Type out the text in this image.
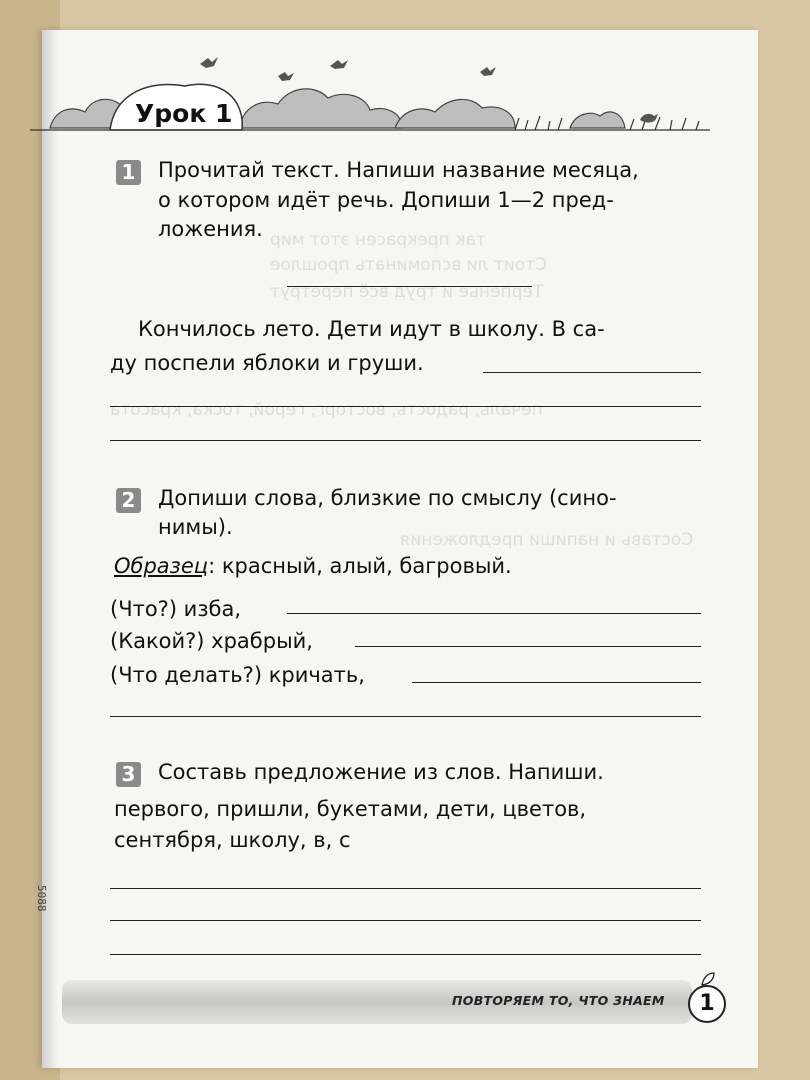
Урок 1
так прекрасен этот мир
Стоит ли вспоминать прошлое
Терпенье и труд всё перетрут
печаль, радость, восторг, герой, тоска, красота
Составь и напиши предложения
1 Прочитай текст. Напиши название месяца,
о котором идёт речь. Допиши 1—2 пред-
ложения.
Кончилось лето. Дети идут в школу. В са-
ду поспели яблоки и груши.
2 Допиши слова, близкие по смыслу (сино-
нимы).
Образец: красный, алый, багровый.
(Что?) изба,
(Какой?) храбрый,
(Что делать?) кричать,
3 Составь предложение из слов. Напиши.
первого, пришли, букетами, дети, цветов,
сентября, школу, в, с
5088
ПОВТОРЯЕМ ТО, ЧТО ЗНАЕМ	1
